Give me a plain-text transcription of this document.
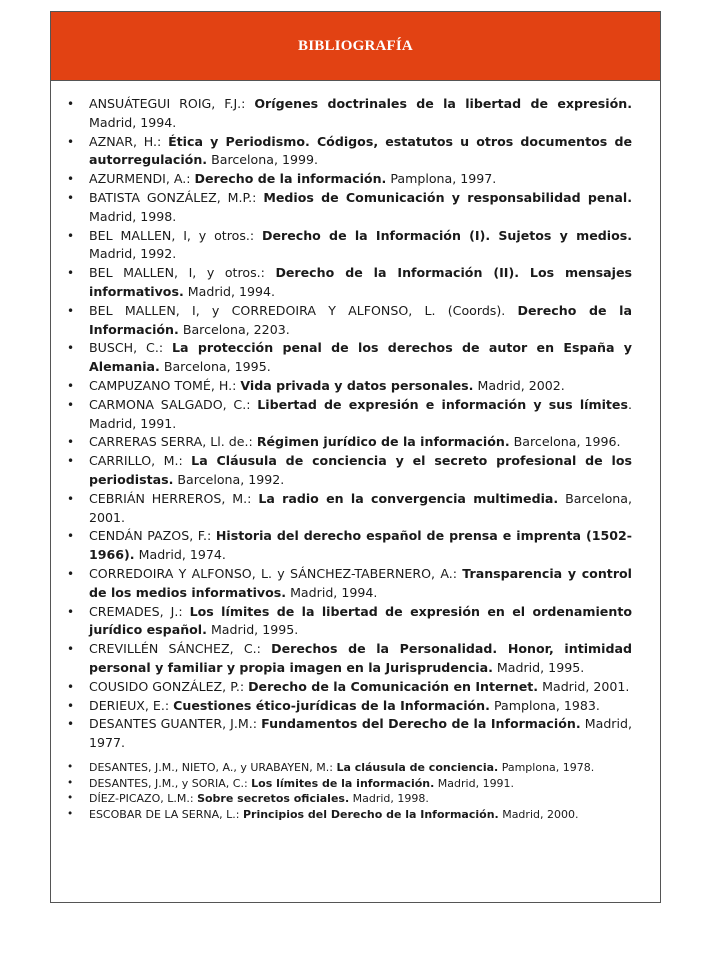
BIBLIOGRAFÍA
• ANSUÁTEGUI ROIG, F.J.: Orígenes doctrinales de la libertad de expresión. Madrid, 1994.
• AZNAR, H.: Ética y Periodismo. Códigos, estatutos u otros documentos de autorregulación. Barcelona, 1999.
• AZURMENDI, A.: Derecho de la información. Pamplona, 1997.
• BATISTA GONZÁLEZ, M.P.: Medios de Comunicación y responsabilidad penal. Madrid, 1998.
• BEL MALLEN, I, y otros.: Derecho de la Información (I). Sujetos y medios. Madrid, 1992.
• BEL MALLEN, I, y otros.: Derecho de la Información (II). Los mensajes informativos. Madrid, 1994.
• BEL MALLEN, I, y CORREDOIRA Y ALFONSO, L. (Coords). Derecho de la Información. Barcelona, 2203.
• BUSCH, C.: La protección penal de los derechos de autor en España y Alemania. Barcelona, 1995.
• CAMPUZANO TOMÉ, H.: Vida privada y datos personales. Madrid, 2002.
• CARMONA SALGADO, C.: Libertad de expresión e información y sus límites. Madrid, 1991.
• CARRERAS SERRA, Ll. de.: Régimen jurídico de la información. Barcelona, 1996.
• CARRILLO, M.: La Cláusula de conciencia y el secreto profesional de los periodistas. Barcelona, 1992.
• CEBRIÁN HERREROS, M.: La radio en la convergencia multimedia. Barcelona, 2001.
• CENDÁN PAZOS, F.: Historia del derecho español de prensa e imprenta (1502-1966). Madrid, 1974.
• CORREDOIRA Y ALFONSO, L. y SÁNCHEZ-TABERNERO, A.: Transparencia y control de los medios informativos. Madrid, 1994.
• CREMADES, J.: Los límites de la libertad de expresión en el ordenamiento jurídico español. Madrid, 1995.
• CREVILLÉN SÁNCHEZ, C.: Derechos de la Personalidad. Honor, intimidad personal y familiar y propia imagen en la Jurisprudencia. Madrid, 1995.
• COUSIDO GONZÁLEZ, P.: Derecho de la Comunicación en Internet. Madrid, 2001.
• DERIEUX, E.: Cuestiones ético-jurídicas de la Información. Pamplona, 1983.
• DESANTES GUANTER, J.M.: Fundamentos del Derecho de la Información. Madrid, 1977.
• DESANTES, J.M., NIETO, A., y URABAYEN, M.: La cláusula de conciencia. Pamplona, 1978.
• DESANTES, J.M., y SORIA, C.: Los límites de la información. Madrid, 1991.
• DÍEZ-PICAZO, L.M.: Sobre secretos oficiales. Madrid, 1998.
• ESCOBAR DE LA SERNA, L.: Principios del Derecho de la Información. Madrid, 2000.
